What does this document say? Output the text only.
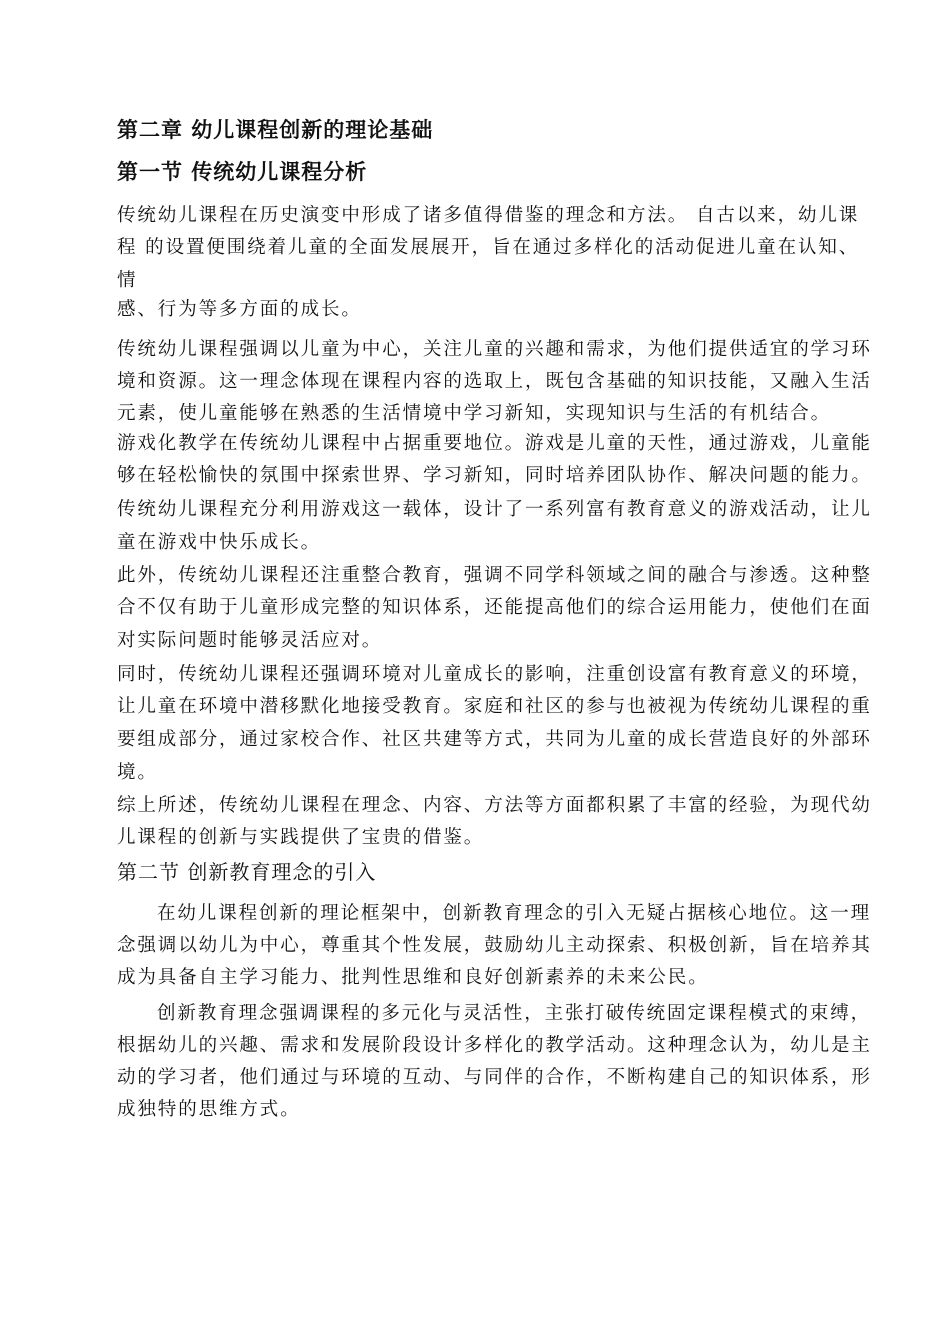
第二章 幼儿课程创新的理论基础
第一节 传统幼儿课程分析
传统幼儿课程在历史演变中形成了诸多值得借鉴的理念和方法。 自古以来，幼儿课
程 的设置便围绕着儿童的全面发展展开，旨在通过多样化的活动促进儿童在认知、
情
感、行为等多方面的成长。
传统幼儿课程强调以儿童为中心，关注儿童的兴趣和需求，为他们提供适宜的学习环
境和资源。这一理念体现在课程内容的选取上，既包含基础的知识技能，又融入生活
元素，使儿童能够在熟悉的生活情境中学习新知，实现知识与生活的有机结合。
游戏化教学在传统幼儿课程中占据重要地位。游戏是儿童的天性，通过游戏，儿童能
够在轻松愉快的氛围中探索世界、学习新知，同时培养团队协作、解决问题的能力。
传统幼儿课程充分利用游戏这一载体，设计了一系列富有教育意义的游戏活动，让儿
童在游戏中快乐成长。
此外，传统幼儿课程还注重整合教育，强调不同学科领域之间的融合与渗透。这种整
合不仅有助于儿童形成完整的知识体系，还能提高他们的综合运用能力，使他们在面
对实际问题时能够灵活应对。
同时，传统幼儿课程还强调环境对儿童成长的影响，注重创设富有教育意义的环境，
让儿童在环境中潜移默化地接受教育。家庭和社区的参与也被视为传统幼儿课程的重
要组成部分，通过家校合作、社区共建等方式，共同为儿童的成长营造良好的外部环
境。
综上所述，传统幼儿课程在理念、内容、方法等方面都积累了丰富的经验，为现代幼
儿课程的创新与实践提供了宝贵的借鉴。
第二节 创新教育理念的引入
在幼儿课程创新的理论框架中，创新教育理念的引入无疑占据核心地位。这一理
念强调以幼儿为中心，尊重其个性发展，鼓励幼儿主动探索、积极创新，旨在培养其
成为具备自主学习能力、批判性思维和良好创新素养的未来公民。
创新教育理念强调课程的多元化与灵活性，主张打破传统固定课程模式的束缚，
根据幼儿的兴趣、需求和发展阶段设计多样化的教学活动。这种理念认为，幼儿是主
动的学习者，他们通过与环境的互动、与同伴的合作，不断构建自己的知识体系，形
成独特的思维方式。
